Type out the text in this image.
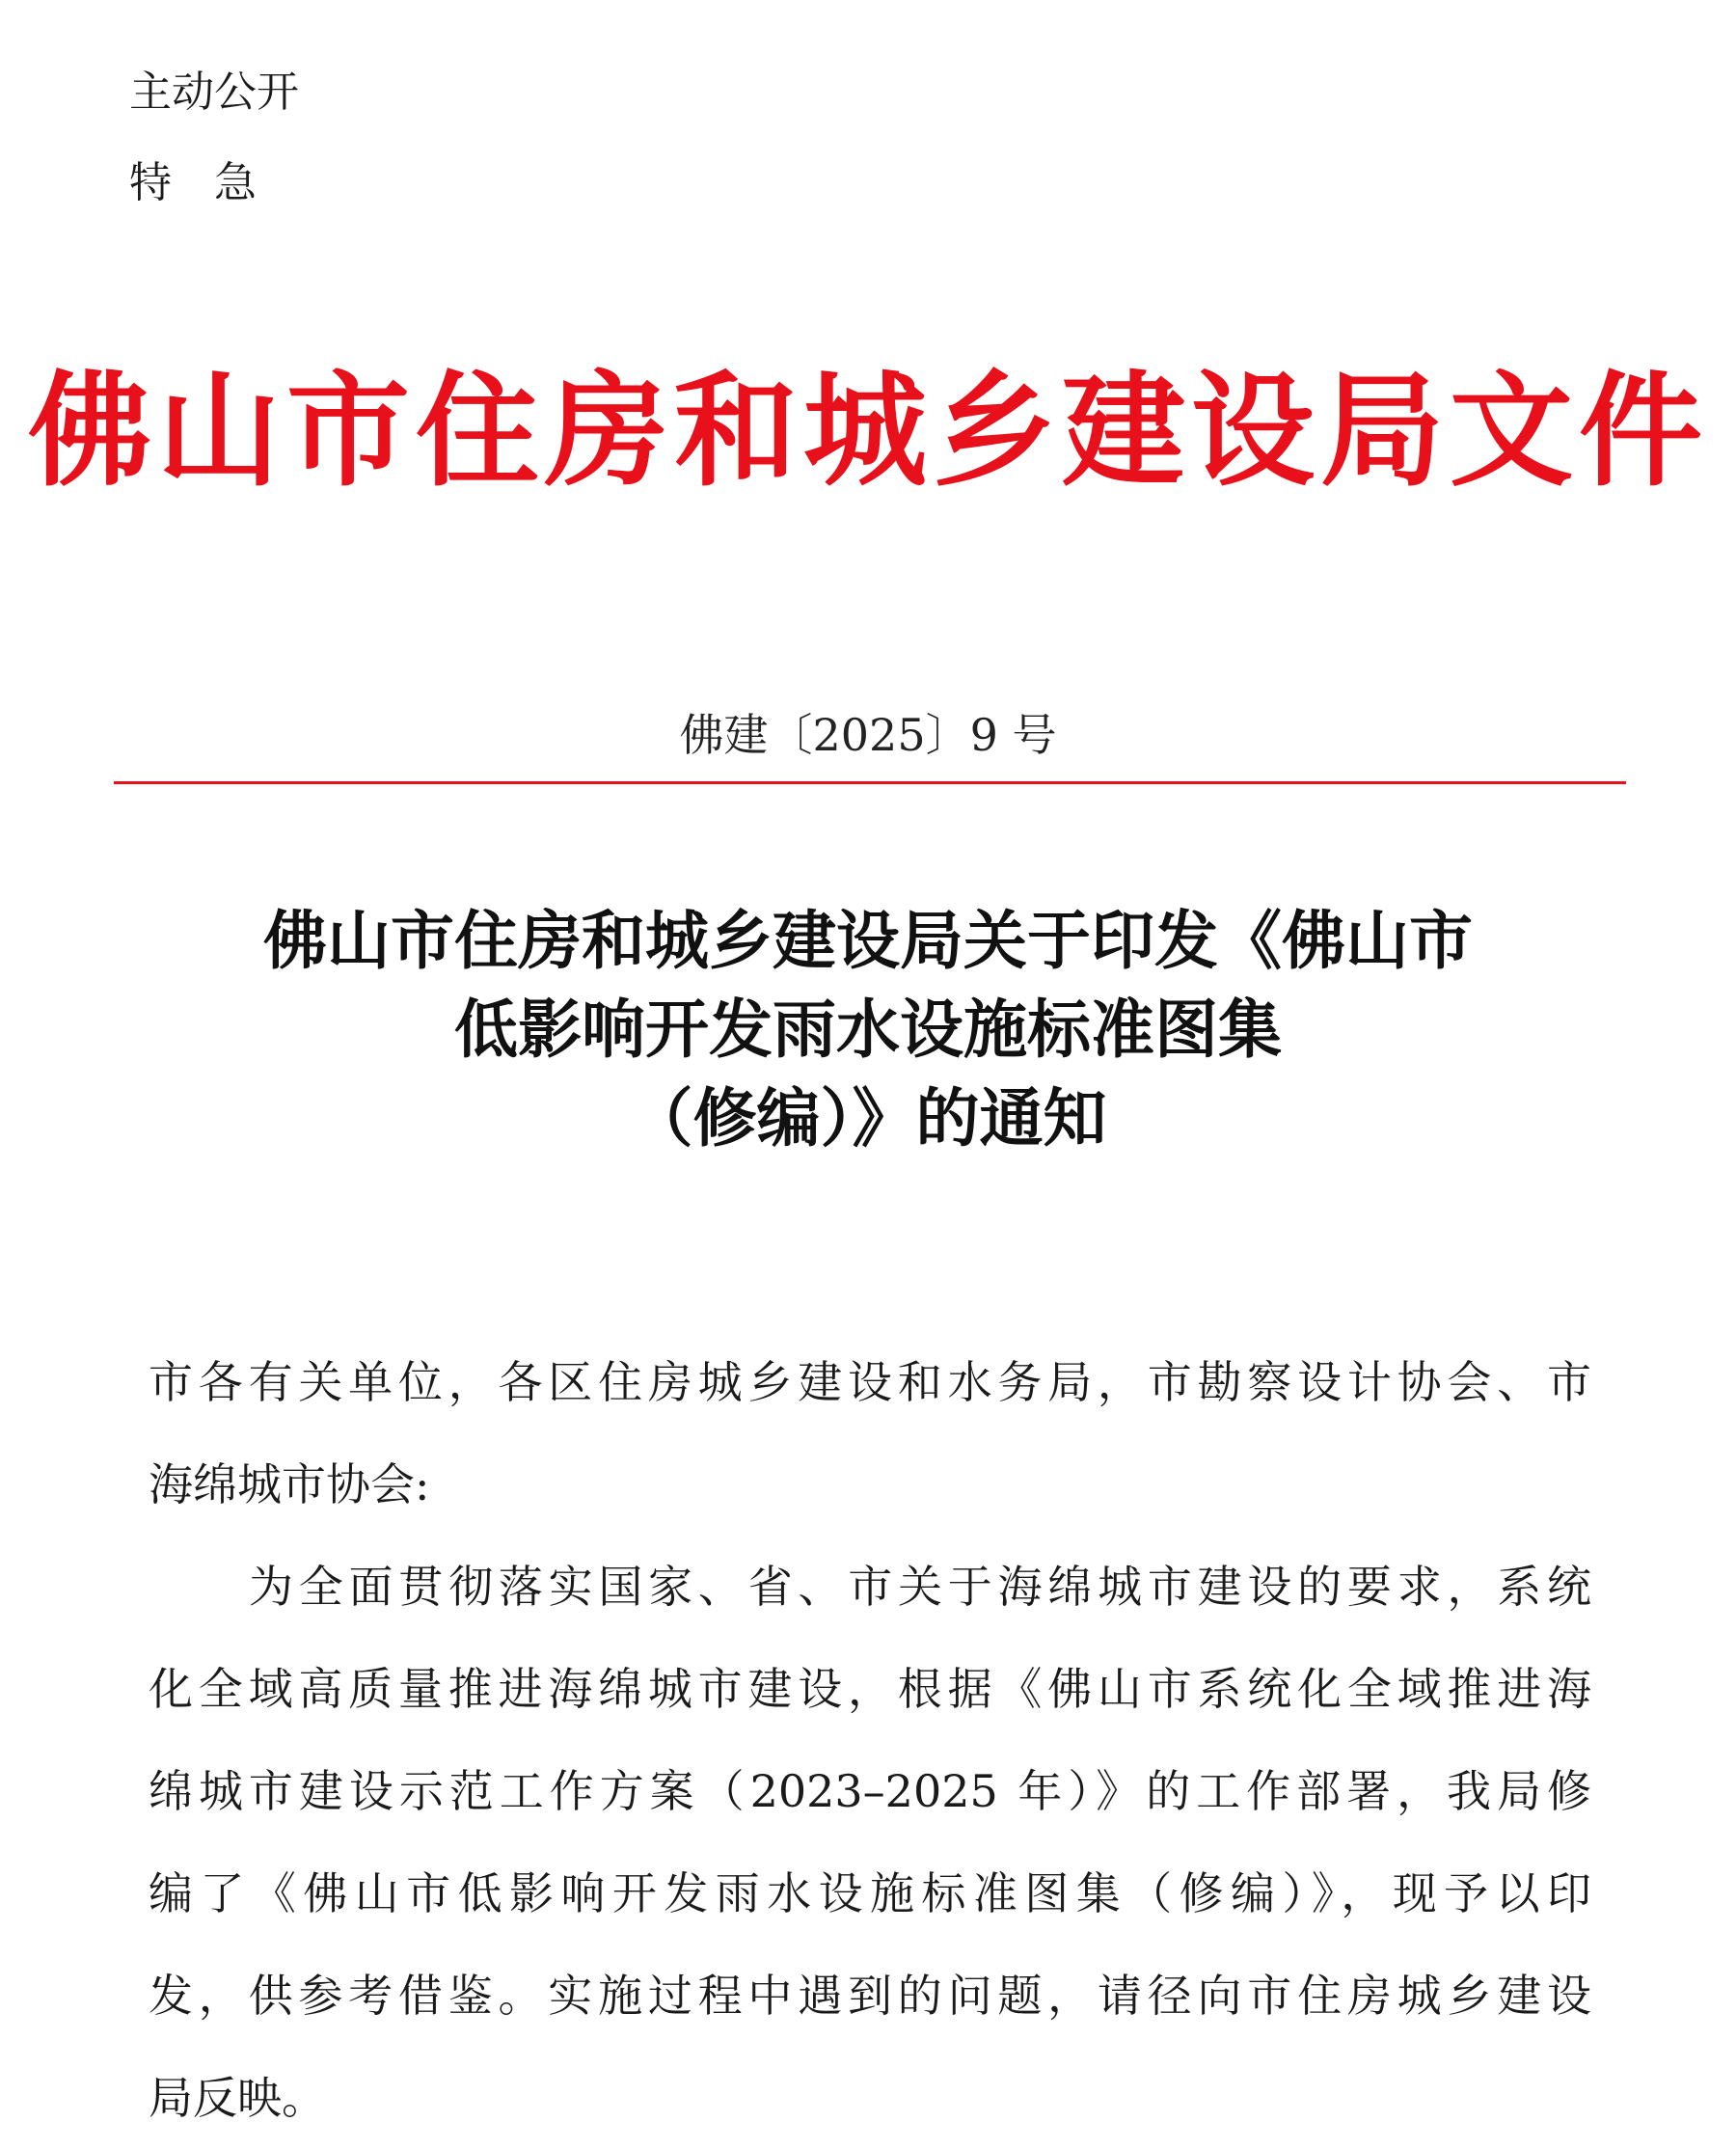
主动公开
特 急
佛山市住房和城乡建设局文件
佛建〔2025〕9 号
佛山市住房和城乡建设局关于印发《佛山市
低影响开发雨水设施标准图集
（修编）》的通知
市各有关单位，各区住房城乡建设和水务局，市勘察设计协会、市
海绵城市协会:
为全面贯彻落实国家、省、市关于海绵城市建设的要求，系统
化全域高质量推进海绵城市建设，根据《佛山市系统化全域推进海
绵城市建设示范工作方案（2023–2025 年）》的工作部署，我局修
编了《佛山市低影响开发雨水设施标准图集（修编）》，现予以印
发，供参考借鉴。实施过程中遇到的问题，请径向市住房城乡建设
局反映。
